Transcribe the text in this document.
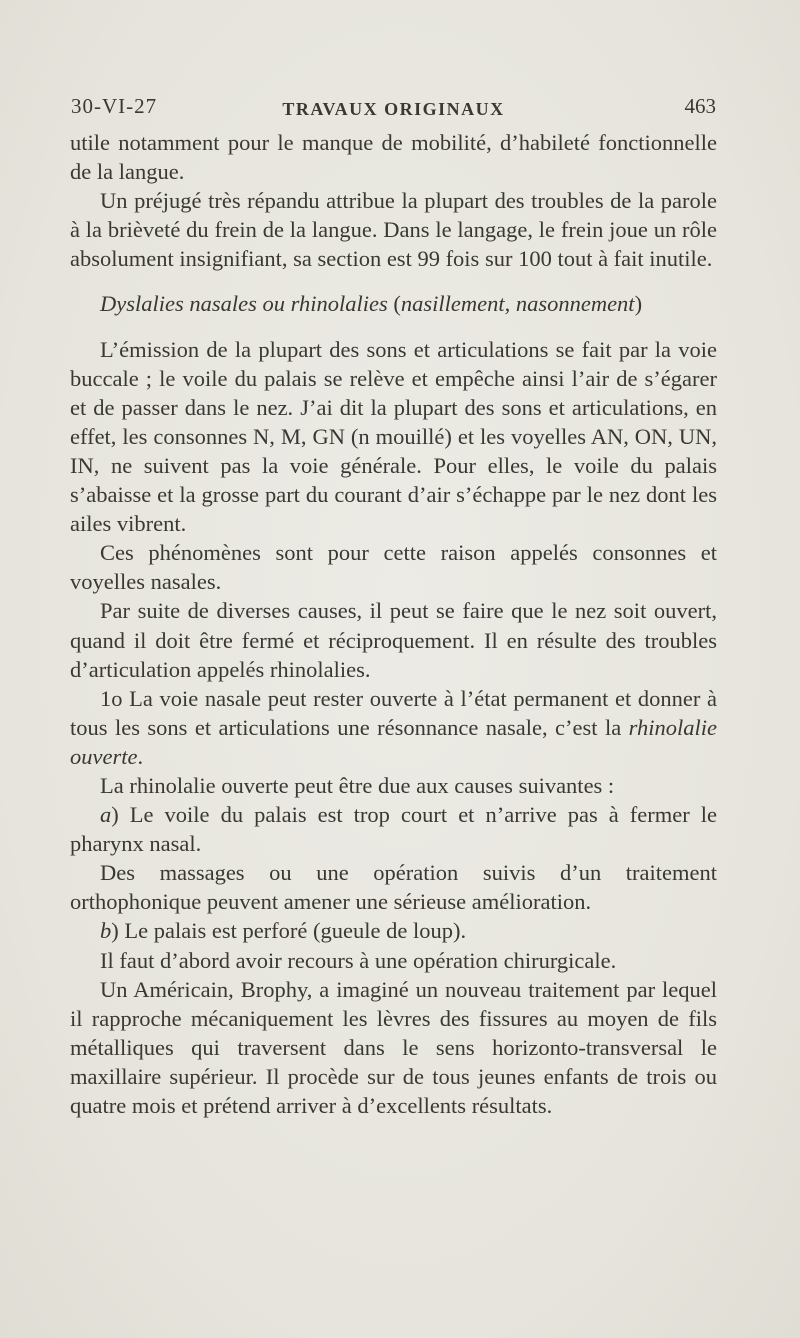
30-VI-27	TRAVAUX ORIGINAUX	463

utile notamment pour le manque de mobilité, d’habileté fonctionnelle de la langue.

Un préjugé très répandu attribue la plupart des troubles de la parole à la brièveté du frein de la langue. Dans le langage, le frein joue un rôle absolument insignifiant, sa section est 99 fois sur 100 tout à fait inutile.

Dyslalies nasales ou rhinolalies (nasillement, nasonnement)

L’émission de la plupart des sons et articulations se fait par la voie buccale ; le voile du palais se relève et empêche ainsi l’air de s’égarer et de passer dans le nez. J’ai dit la plupart des sons et articulations, en effet, les consonnes N, M, GN (n mouillé) et les voyelles AN, ON, UN, IN, ne suivent pas la voie générale. Pour elles, le voile du palais s’abaisse et la grosse part du courant d’air s’échappe par le nez dont les ailes vibrent.

Ces phénomènes sont pour cette raison appelés consonnes et voyelles nasales.

Par suite de diverses causes, il peut se faire que le nez soit ouvert, quand il doit être fermé et réciproquement. Il en résulte des troubles d’articulation appelés rhinolalies.

1o La voie nasale peut rester ouverte à l’état permanent et donner à tous les sons et articulations une résonnance nasale, c’est la rhinolalie ouverte.

La rhinolalie ouverte peut être due aux causes suivantes :

a) Le voile du palais est trop court et n’arrive pas à fermer le pharynx nasal.

Des massages ou une opération suivis d’un traitement orthophonique peuvent amener une sérieuse amélioration.

b) Le palais est perforé (gueule de loup).

Il faut d’abord avoir recours à une opération chirurgicale.

Un Américain, Brophy, a imaginé un nouveau traitement par lequel il rapproche mécaniquement les lèvres des fissures au moyen de fils métalliques qui traversent dans le sens horizonto-transversal le maxillaire supérieur. Il procède sur de tous jeunes enfants de trois ou quatre mois et prétend arriver à d’excellents résultats.
